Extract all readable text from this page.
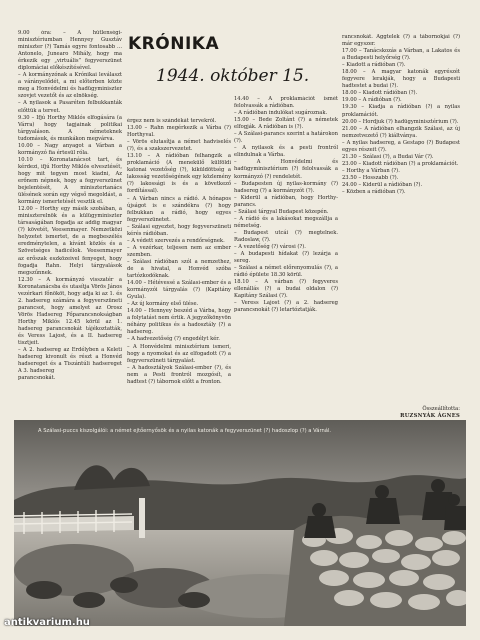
9.00 óra: – A hűtlenségi-minisztériumban Hennyey Gusztáv miniszter (?) Tamás egyre fontosabb ... Antonelo, Junearo Mihály, hogy ma érkezik egy „virtuális” fegyverszünet diplomáciai előkészítésével.

– A kormányzónak a Krónikai leválaszt a várányelődét, a mi előterben közte meg a Honvédelmi és hadügyminiszter szovjet vezetőt és az elnökség.

– A nyilasok a Pasaréten felbukkanták előttük a tervet.

9.30 – Ifjú Horthy Miklós elfogására (a Várra) hogy tagjainak politikai tárgyaláson. A németeknek tudomásuk, és munkákon megvárva.

10.00 – Nagy anyagot a Várban a kormányzó fia értesül róla.

10.10 – Koronatanácsot tart, és kérdezi, ifjú Horthy Miklós elvesztését, hogy mit tegyen most kiadni, Az erőnem népnek, hogy a fegyverszünet bejelentését, A minisztertanács ülésének során egy végső megoldást, a kormány ismertetését vesztik el.

12.00 – Horthy egy másik szobában, a miniszterelnök és a külügyminiszter társaságában fogadja az addig magyar (?) követét, Veesenmayer. Nemzetközi helyzetet ismertet, de a megbeszélés eredménytelen, a kívánt közlés és a Szövetséges hadicélok. Veesenmayer az erőszak eszközeivel fenyeget, hogy fogadja Rahn. Helyi tárgyalások megszűnnek.

12.30 – A kormányzó visszatér a Koronatanácsba és utasítja Vörös János vezérkari főnököt, hogy adja ki az 1. és 2. hadsereg számára a fegyverszüneti parancsot, hogy amelyet az Orosz Vörös Hadsereg Főparancsnokságban Horthy Miklós 12.45 körül az 1. hadsereg parancsnokát tájékoztatták, és Veress Lajost, és a II. hadsereg tisztjeit.

– A 2. hadsereg az Erdélyben a Keleti hadsereg kivonult és részt a Honvéd hadsereget és a Tiszántúli hadsereget A 3. hadsereg

parancsnokát.

KRÓNIKA
1944. október 15.

érgez nem is szándékát tervekről.

13.00 – Rahn megérkezik a Várba (?) Horthyval.

– Vörös elutasítja a német hadviselés (?), és a szakszervezetet.

13.10 – A rádióban felhangzik a proklamáció (A menekülő külföldi katonai vezetőség (?), kiküldöttség a lakosság vezetőségének egy közlemény (?) lakossági is és a következő fordítással).

– A Várban nincs a rádió. A hónapos újságot is e szándékra (?) hogy felbukkan a rádió, hogy egyes fegyverszünetet.

– Szálasi egyeztet, hogy fegyverszüneti kérés rádióban.

– A védett szervezés a rendőrségnek.

– A vezérkar, teljesen nem az ember szemben.

– Szálasi rádióban szól a nemzethez, de a hivatal, a Honvéd szóba tartózkodóknak.

14.00 – Hétévessé a Szálasi-ember és a kormányzói tárgyalás (?) (Kapitány Gyula).

– Az új kormány első ülése.

14.00 – Hennyey beszéd a Várba, hogy a folytatást nem értik. A jegyzőkönyvön néhány politikus és a hadosztály (?) a hadsereg.

– A hadvezetőség (?) engedélyt kér.

– A Honvédelmi minisztérium ismeri, hogy a nyomokat és az elfogadott (?) a fegyverszüneti tárgyalást.

– A hadosztályok Szálasi-ember (?), és nem a Pesti frontról mozgósít, a hadtest (?) tábornok előtt a fronton.

14.40 – A proklamációt ismét felolvassák a rádióban.

– A rádióban indulókat sugároznak.

15.00 – Bede Zoltánt (?) a németek elfogják. A rádióban is (?).

– A Szálasi-parancs szerint a határokon (?).

– A nyilasok és a pesti frontról elindulnak a Várba.

– A Honvédelmi és hadügyminisztérium (?) felolvassák a kormányzó (?) rendeletét.

– Budapesten új nyilas-kormány (?) hadsereg (?) a kormányzót (?).

– Kiderül a rádióban, hogy Horthy-parancs.

– Szálasi tárgyal Budapest közepén.

– A rádió és a lakásokat megszállja a németség.

– Budapest utcái (?) megtelnek. Radoslaw, (?).

– A vezetőség (?) városi (?).

– A budapesti hídakat (?) lezárja a sereg.

– Szálasi a német előrenyomulás (?), a rádió épülete 18.30 körül.

18.10 – A várban (?) fegyveres ellenállás (?) a budai oldalon (?) Kapitány Szálasi (?).

– Veress Lajost (?) a 2. hadsereg parancsnokát (?) letartóztatják.

rancsnokát. Aggtelek (?) a tábornokjai (?) már egyszer.

17.00 – Tanácskozás a Várban, a Lakatos és a Budapesti helyőrség (?).

– Kiadott a rádióban (?).

18.00 – A magyar katonák egyrészét fegyvere lerakják, hogy a Budapesti hadtestet a budai (?).

18.00 – Kiadott rádióban (?).

19.00 – A rádióban (?).

19.30 – Kiadja a rádióban (?) a nyilas proklamációt.

20.00 – Hordjuk (?) hadügyminisztérium (?).

21.00 – A rádióban elhangzik Szálasi, az új nemzetvezető (?) kiáltványa.

– A nyilas hadsereg, a Gestapo (?) Budapest egyes részeit (?).

21.30 – Szálasi (?), a Budai Vár (?).

23.00 – Kiadott rádióban (?) a proklamációt.

– Horthy a Várban (?).

23.50 – Hosszabb (?).

24.00 – Kiderül a rádióban (?).

– Közben a rádióban (?).

Összeállította:
RUZSNYÁK ÁGNES
A Szálasi-puccs kiszolgálói: a német ejtőernyősök és a nyilas katonák a fegyverszünet (?) hadoszlop (?) a Várnál.
antikvarium.hu
